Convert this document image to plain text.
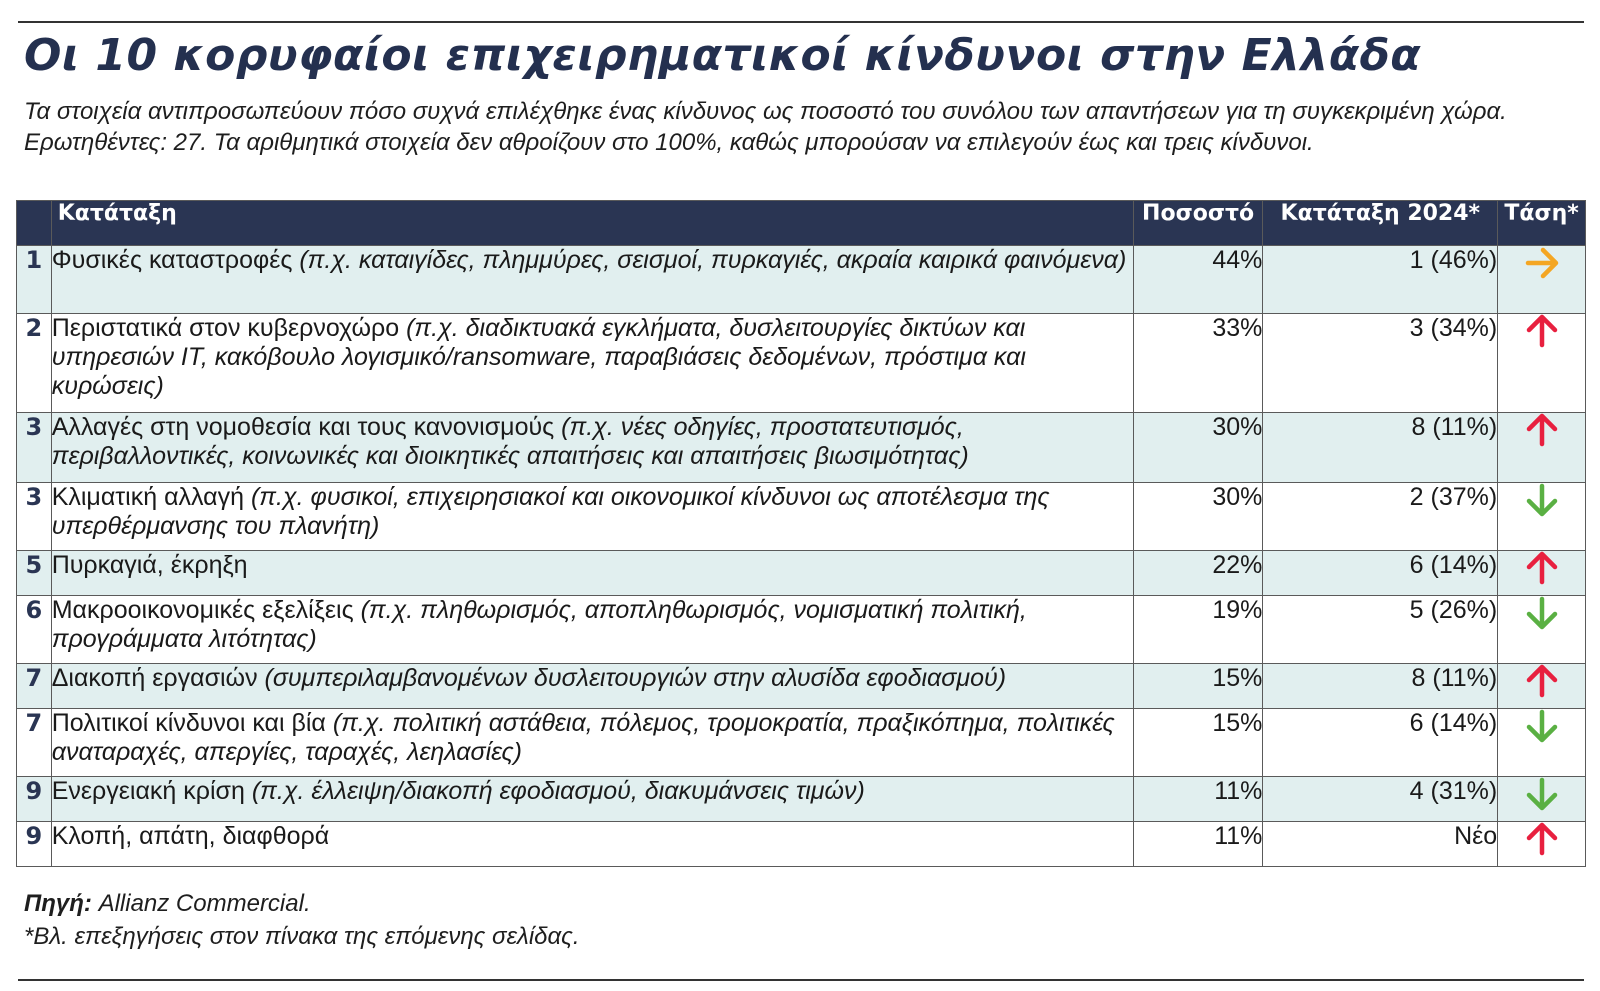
Οι 10 κορυφαίοι επιχειρηματικοί κίνδυνοι στην Ελλάδα
Τα στοιχεία αντιπροσωπεύουν πόσο συχνά επιλέχθηκε ένας κίνδυνος ως ποσοστό του συνόλου των απαντήσεων για τη συγκεκριμένη χώρα. Ερωτηθέντες: 27. Τα αριθμητικά στοιχεία δεν αθροίζουν στο 100%, καθώς μπορούσαν να επιλεγούν έως και τρεις κίνδυνοι.
	Κατάταξη	Ποσοστό	Κατάταξη 2024*	Τάση*
1	Φυσικές καταστροφές (π.χ. καταιγίδες, πλημμύρες, σεισμοί, πυρκαγιές, ακραία καιρικά φαινόμενα)	44%	1 (46%)	

2	Περιστατικά στον κυβερνοχώρο (π.χ. διαδικτυακά εγκλήματα, δυσλειτουργίες δικτύων και υπηρεσιών IT, κακόβουλο λογισμικό/ransomware, παραβιάσεις δεδομένων, πρόστιμα και κυρώσεις)	33%	3 (34%)	

3	Αλλαγές στη νομοθεσία και τους κανονισμούς (π.χ. νέες οδηγίες, προστατευτισμός, περιβαλλοντικές, κοινωνικές και διοικητικές απαιτήσεις και απαιτήσεις βιωσιμότητας)	30%	8 (11%)	

3	Κλιματική αλλαγή (π.χ. φυσικοί, επιχειρησιακοί και οικονομικοί κίνδυνοι ως αποτέλεσμα της υπερθέρμανσης του πλανήτη)	30%	2 (37%)	

5	Πυρκαγιά, έκρηξη	22%	6 (14%)	

6	Μακροοικονομικές εξελίξεις (π.χ. πληθωρισμός, αποπληθωρισμός, νομισματική πολιτική, προγράμματα λιτότητας)	19%	5 (26%)	

7	Διακοπή εργασιών (συμπεριλαμβανομένων δυσλειτουργιών στην αλυσίδα εφοδιασμού)	15%	8 (11%)	

7	Πολιτικοί κίνδυνοι και βία (π.χ. πολιτική αστάθεια, πόλεμος, τρομοκρατία, πραξικόπημα, πολιτικές αναταραχές, απεργίες, ταραχές, λεηλασίες)	15%	6 (14%)	

9	Ενεργειακή κρίση (π.χ. έλλειψη/διακοπή εφοδιασμού, διακυμάνσεις τιμών)	11%	4 (31%)	

9	Κλοπή, απάτη, διαφθορά	11%	Νέο	
Πηγή: Allianz Commercial.
*Βλ. επεξηγήσεις στον πίνακα της επόμενης σελίδας.
